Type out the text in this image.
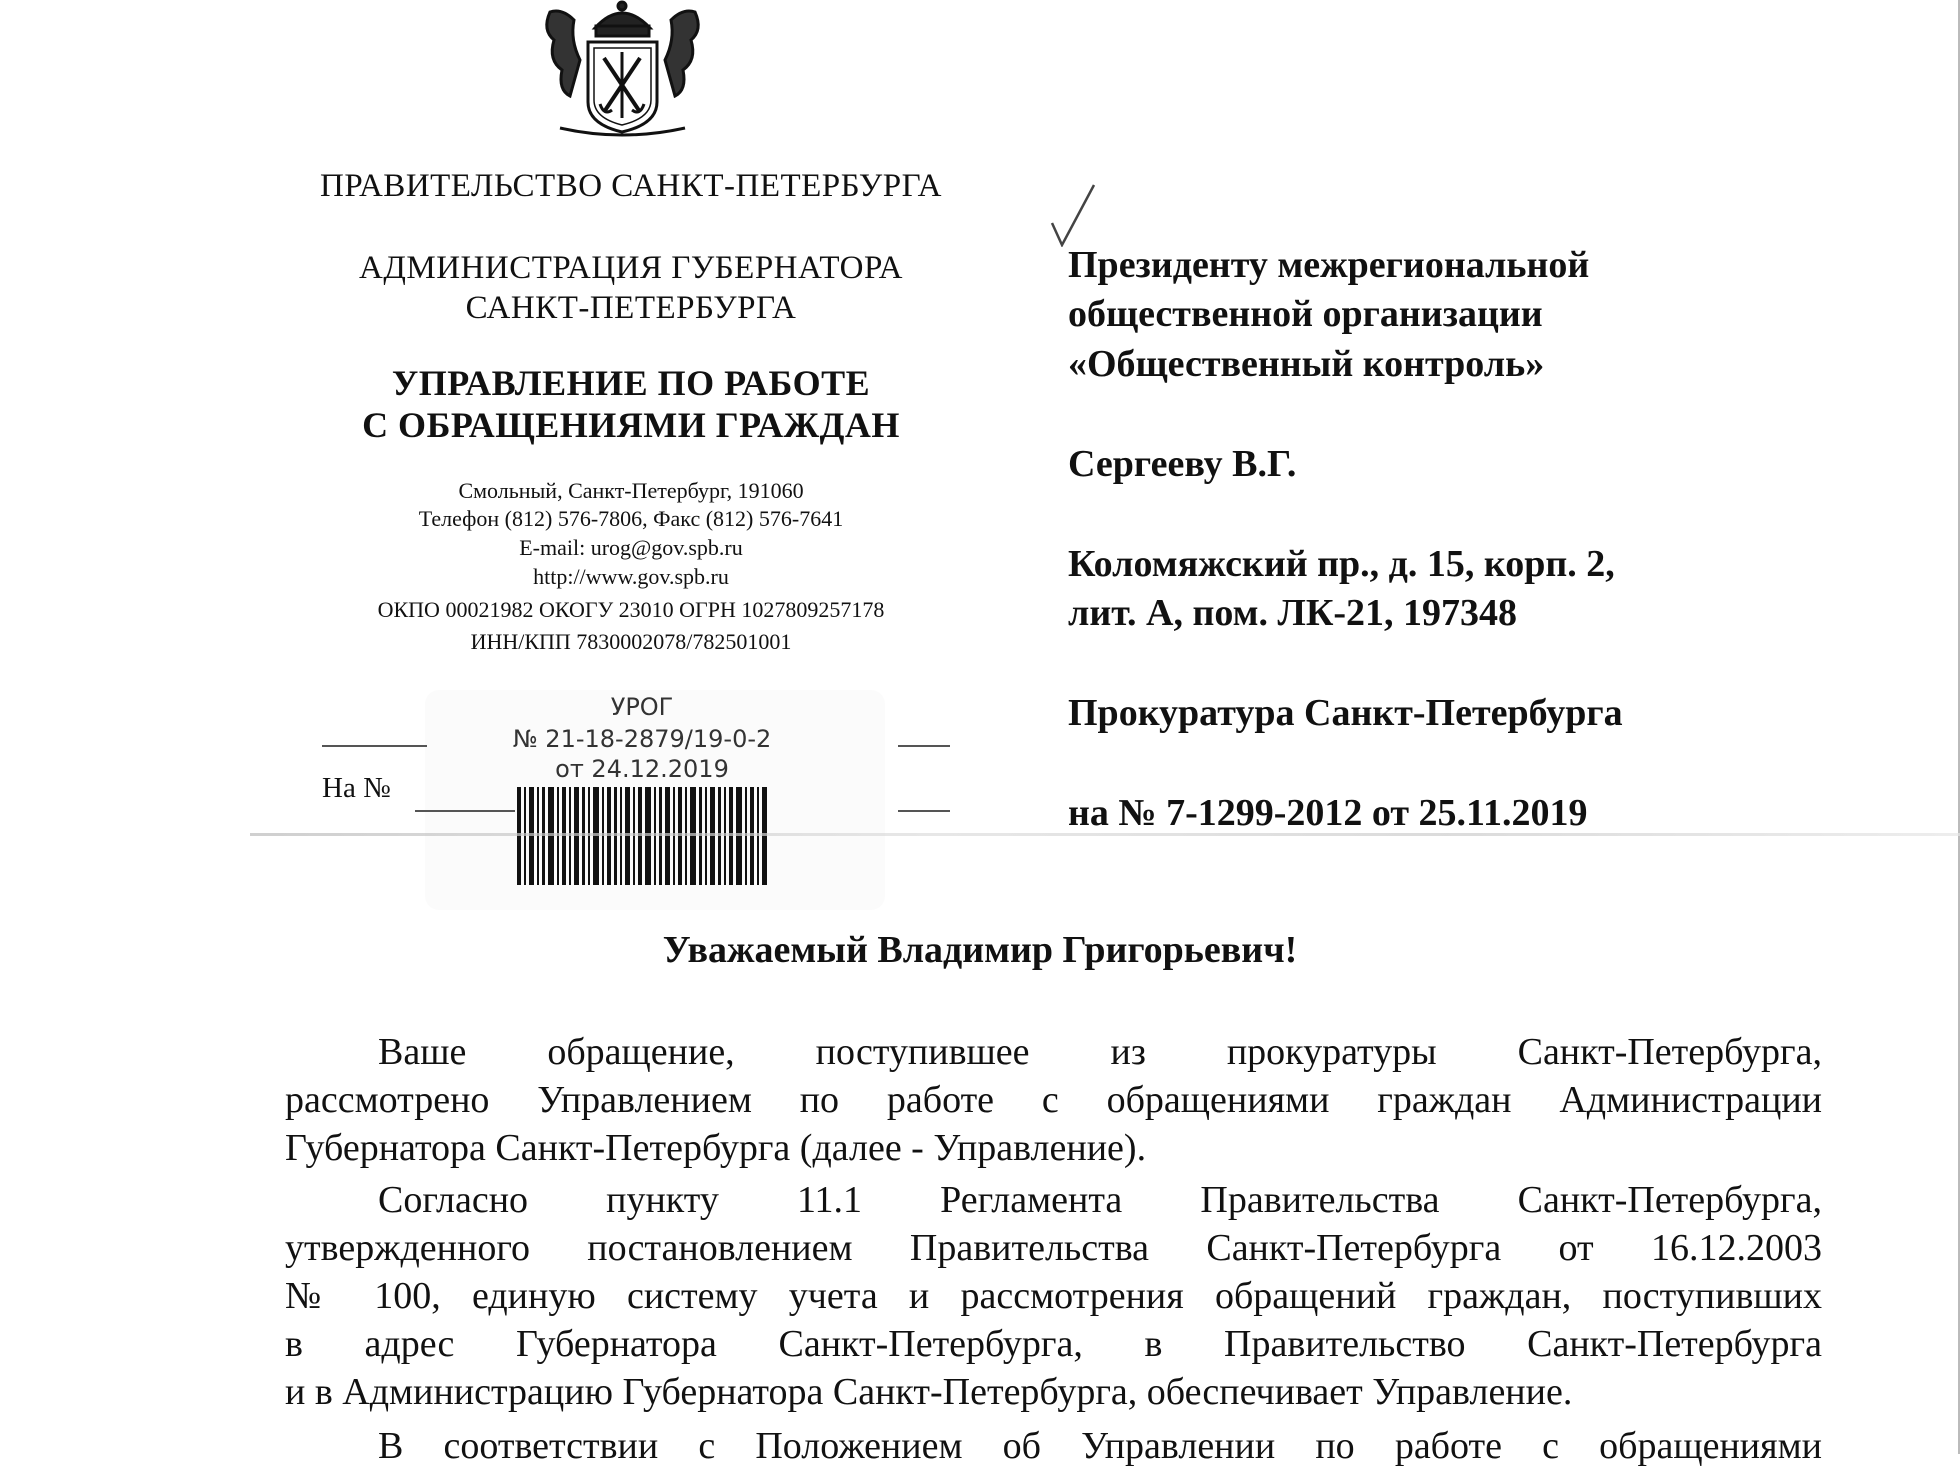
ПРАВИТЕЛЬСТВО САНКТ-ПЕТЕРБУРГА
АДМИНИСТРАЦИЯ ГУБЕРНАТОРА
САНКТ-ПЕТЕРБУРГА
УПРАВЛЕНИЕ ПО РАБОТЕ
С ОБРАЩЕНИЯМИ ГРАЖДАН
Смольный, Санкт-Петербург, 191060
Телефон (812) 576-7806, Факс (812) 576-7641
E-mail: urog@gov.spb.ru
http://www.gov.spb.ru
ОКПО 00021982 ОКОГУ 23010 ОГРН 1027809257178
ИНН/КПП 7830002078/782501001
На №
УРОГ
№ 21-18-2879/19-0-2
от 24.12.2019
Президенту межрегиональной
общественной организации
«Общественный контроль»
Сергееву В.Г.
Коломяжский пр., д. 15, корп. 2,
лит. А, пом. ЛК-21, 197348
Прокуратура Санкт-Петербурга
на № 7-1299-2012 от 25.11.2019
Уважаемый Владимир Григорьевич!
Ваше обращение, поступившее из прокуратуры Санкт-Петербурга,
рассмотрено Управлением по работе с обращениями граждан Администрации
Губернатора Санкт-Петербурга (далее - Управление).
Согласно пункту 11.1 Регламента Правительства Санкт-Петербурга,
утвержденного постановлением Правительства Санкт-Петербурга от 16.12.2003
№ 100, единую систему учета и рассмотрения обращений граждан, поступивших
в адрес Губернатора Санкт-Петербурга, в Правительство Санкт-Петербурга
и в Администрацию Губернатора Санкт-Петербурга, обеспечивает Управление.
В соответствии с Положением об Управлении по работе с обращениями
